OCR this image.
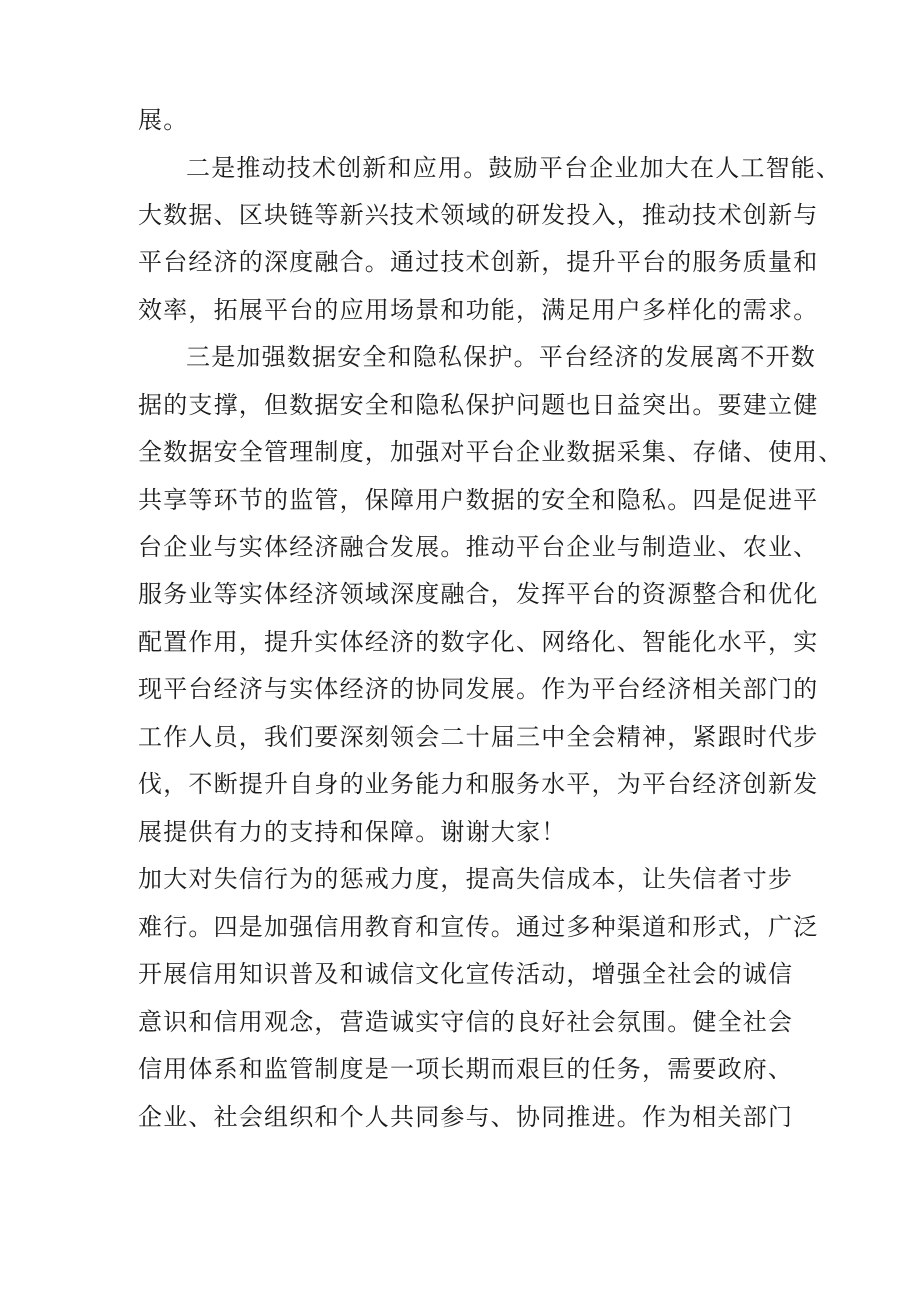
展。
二是推动技术创新和应用。鼓励平台企业加大在人工智能、
大数据、区块链等新兴技术领域的研发投入，推动技术创新与
平台经济的深度融合。通过技术创新，提升平台的服务质量和
效率，拓展平台的应用场景和功能，满足用户多样化的需求。
三是加强数据安全和隐私保护。平台经济的发展离不开数
据的支撑，但数据安全和隐私保护问题也日益突出。要建立健
全数据安全管理制度，加强对平台企业数据采集、存储、使用、
共享等环节的监管，保障用户数据的安全和隐私。四是促进平
台企业与实体经济融合发展。推动平台企业与制造业、农业、
服务业等实体经济领域深度融合，发挥平台的资源整合和优化
配置作用，提升实体经济的数字化、网络化、智能化水平，实
现平台经济与实体经济的协同发展。作为平台经济相关部门的
工作人员，我们要深刻领会二十届三中全会精神，紧跟时代步
伐，不断提升自身的业务能力和服务水平，为平台经济创新发
展提供有力的支持和保障。谢谢大家！
加大对失信行为的惩戒力度，提高失信成本，让失信者寸步
难行。四是加强信用教育和宣传。通过多种渠道和形式，广泛
开展信用知识普及和诚信文化宣传活动，增强全社会的诚信
意识和信用观念，营造诚实守信的良好社会氛围。健全社会
信用体系和监管制度是一项长期而艰巨的任务，需要政府、
企业、社会组织和个人共同参与、协同推进。作为相关部门
